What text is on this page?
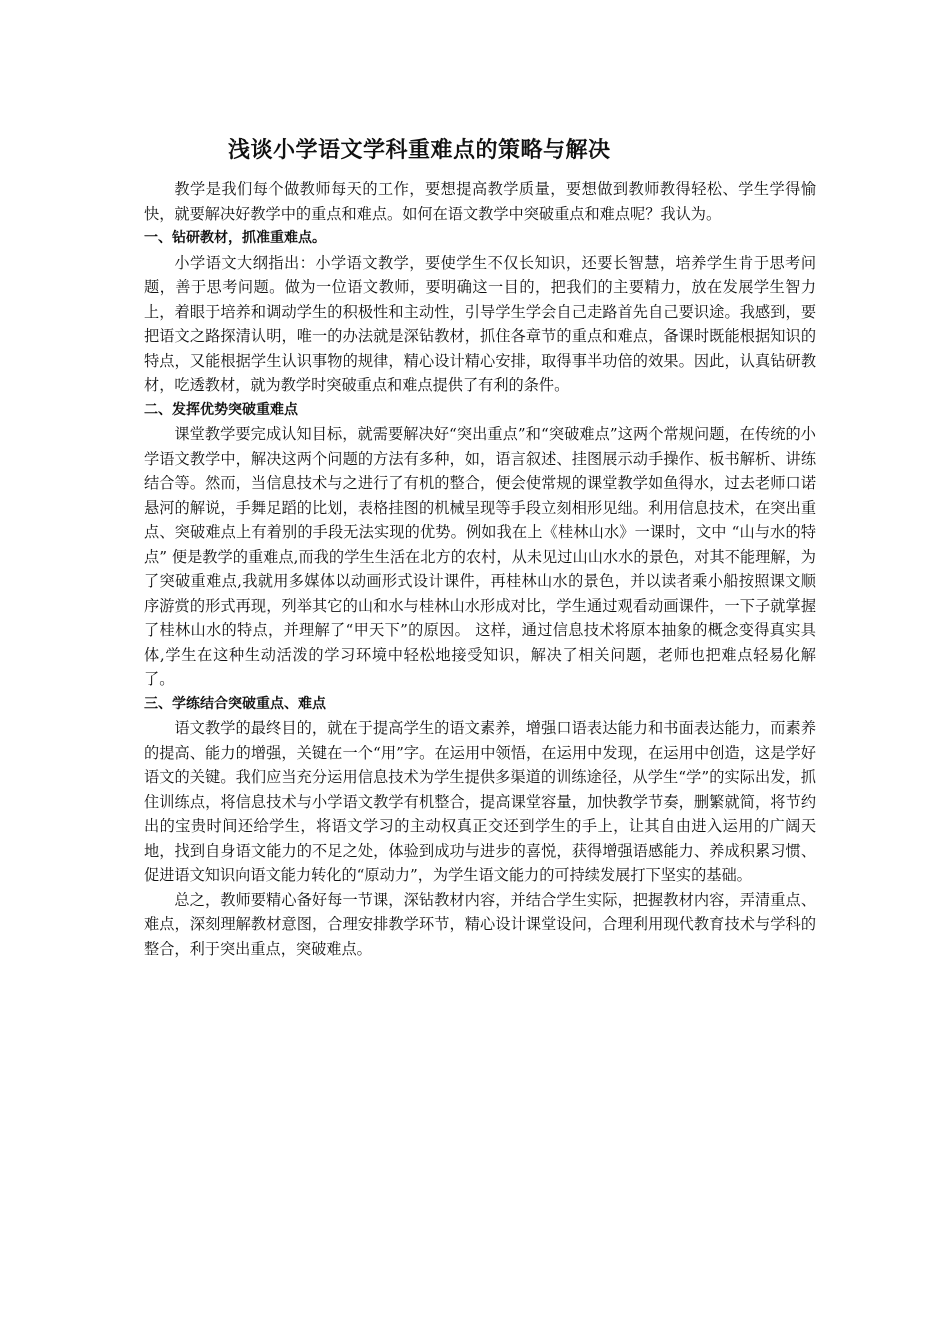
浅谈小学语文学科重难点的策略与解决

教学是我们每个做教师每天的工作，要想提高教学质量，要想做到教师教得轻松、学生学得愉快，就要解决好教学中的重点和难点。如何在语文教学中突破重点和难点呢？我认为。

一、钻研教材，抓准重难点。

小学语文大纲指出：小学语文教学，要使学生不仅长知识，还要长智慧，培养学生肯于思考问题，善于思考问题。做为一位语文教师，要明确这一目的，把我们的主要精力，放在发展学生智力上，着眼于培养和调动学生的积极性和主动性，引导学生学会自己走路首先自己要识途。我感到，要把语文之路探清认明，唯一的办法就是深钻教材，抓住各章节的重点和难点，备课时既能根据知识的特点，又能根据学生认识事物的规律，精心设计精心安排，取得事半功倍的效果。因此，认真钻研教材，吃透教材，就为教学时突破重点和难点提供了有利的条件。

二、发挥优势突破重难点

课堂教学要完成认知目标，就需要解决好“突出重点”和“突破难点”这两个常规问题，在传统的小学语文教学中，解决这两个问题的方法有多种，如，语言叙述、挂图展示动手操作、板书解析、讲练结合等。然而，当信息技术与之进行了有机的整合，便会使常规的课堂教学如鱼得水，过去老师口诺悬河的解说，手舞足蹈的比划，表格挂图的机械呈现等手段立刻相形见绌。利用信息技术，在突出重点、突破难点上有着别的手段无法实现的优势。例如我在上《桂林山水》一课时，文中 “山与水的特点” 便是教学的重难点,而我的学生生活在北方的农村，从未见过山山水水的景色，对其不能理解，为了突破重难点,我就用多媒体以动画形式设计课件，再桂林山水的景色，并以读者乘小船按照课文顺序游赏的形式再现，列举其它的山和水与桂林山水形成对比，学生通过观看动画课件，一下子就掌握了桂林山水的特点，并理解了“甲天下”的原因。 这样，通过信息技术将原本抽象的概念变得真实具体,学生在这种生动活泼的学习环境中轻松地接受知识，解决了相关问题，老师也把难点轻易化解了。

三、学练结合突破重点、难点

语文教学的最终目的，就在于提高学生的语文素养，增强口语表达能力和书面表达能力，而素养的提高、能力的增强，关键在一个“用”字。在运用中领悟，在运用中发现，在运用中创造，这是学好语文的关键。我们应当充分运用信息技术为学生提供多渠道的训练途径，从学生“学”的实际出发，抓住训练点，将信息技术与小学语文教学有机整合，提高课堂容量，加快教学节奏，删繁就简，将节约出的宝贵时间还给学生，将语文学习的主动权真正交还到学生的手上，让其自由进入运用的广阔天地，找到自身语文能力的不足之处，体验到成功与进步的喜悦，获得增强语感能力、养成积累习惯、促进语文知识向语文能力转化的“原动力”，为学生语文能力的可持续发展打下坚实的基础。

总之，教师要精心备好每一节课，深钻教材内容，并结合学生实际，把握教材内容，弄清重点、难点，深刻理解教材意图，合理安排教学环节，精心设计课堂设问，合理利用现代教育技术与学科的整合，利于突出重点，突破难点。
